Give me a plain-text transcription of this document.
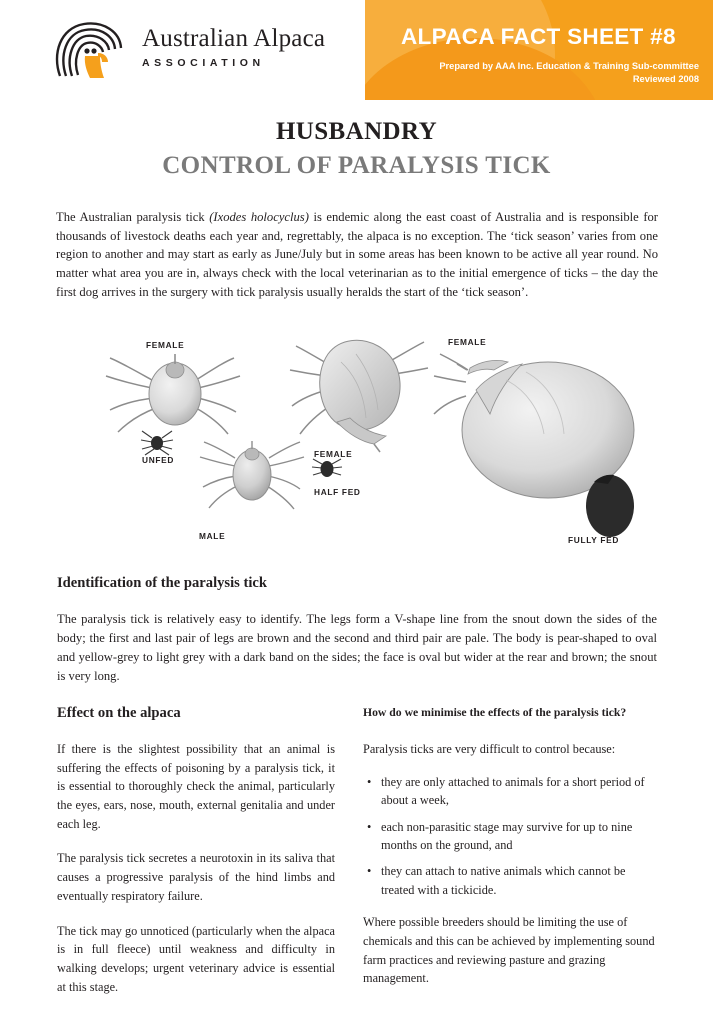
Australian Alpaca
ASSOCIATION
ALPACA FACT SHEET #8
Prepared by AAA Inc. Education & Training Sub-committee
Reviewed 2008
HUSBANDRY
CONTROL OF PARALYSIS TICK
The Australian paralysis tick (Ixodes holocyclus) is endemic along the east coast of Australia and is responsible for thousands of livestock deaths each year and, regrettably, the alpaca is no exception. The ‘tick season’ varies from one region to another and may start as early as June/July but in some areas has been known to be active all year round. No matter what area you are in, always check with the local veterinarian as to the initial emergence of ticks – the day the first dog arrives in the surgery with tick paralysis usually heralds the start of the ‘tick season’.
FEMALE
UNFED
MALE
FEMALE
HALF FED
FEMALE
FULLY FED
Identification of the paralysis tick
The paralysis tick is relatively easy to identify. The legs form a V-shape line from the snout down the sides of the body; the first and last pair of legs are brown and the second and third pair are pale. The body is pear-shaped to oval and yellow-grey to light grey with a dark band on the sides; the face is oval but wider at the rear and brown; the snout is very long.
Effect on the alpaca

If there is the slightest possibility that an animal is suffering the effects of poisoning by a paralysis tick, it is essential to thoroughly check the animal, particularly the eyes, ears, nose, mouth, external genitalia and under each leg.

The paralysis tick secretes a neurotoxin in its saliva that causes a progressive paralysis of the hind limbs and eventually respiratory failure.

The tick may go unnoticed (particularly when the alpaca is in full fleece) until weakness and difficulty in walking develops; urgent veterinary advice is essential at this stage.

How do we minimise the effects of the paralysis tick?

Paralysis ticks are very difficult to control because:

• they are only attached to animals for a short period of about a week,
• each non-parasitic stage may survive for up to nine months on the ground, and
• they can attach to native animals which cannot be treated with a tickicide.

Where possible breeders should be limiting the use of chemicals and this can be achieved by implementing sound farm practices and reviewing pasture and grazing management.
